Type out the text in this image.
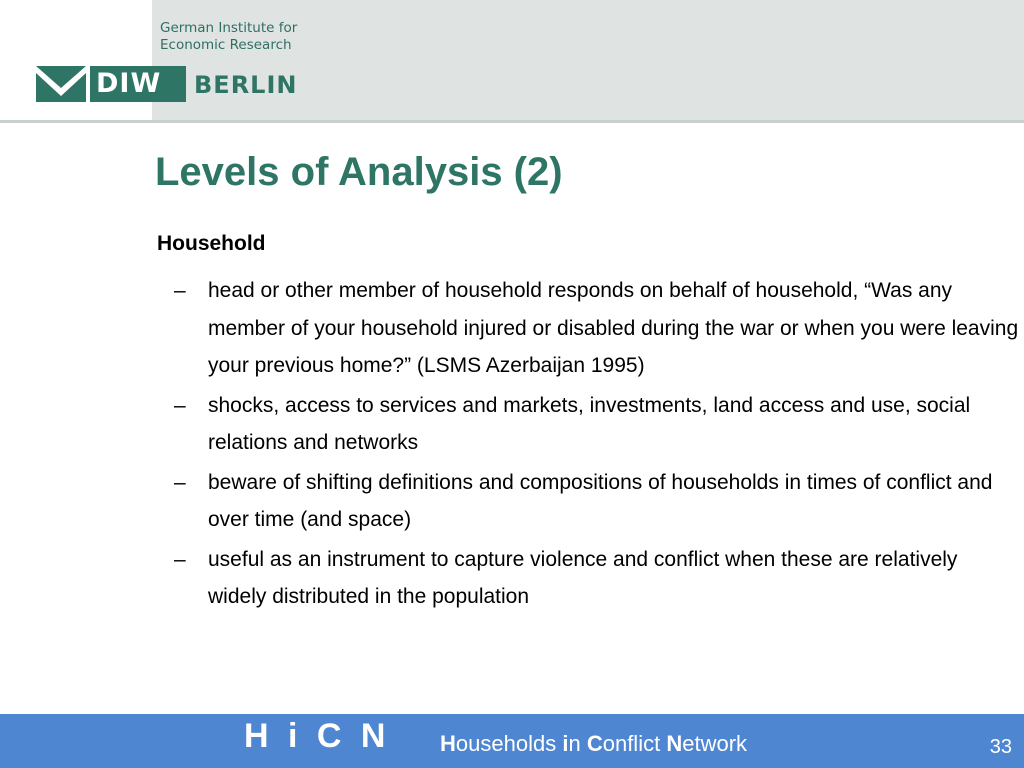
German Institute for
Economic Research
DIW	BERLIN
Levels of Analysis (2)
Household
– head or other member of household responds on behalf of household, “Was any member of your household injured or disabled during the war or when you were leaving your previous home?” (LSMS Azerbaijan 1995)
– shocks, access to services and markets, investments, land access and use, social relations and networks
– beware of shifting definitions and compositions of households in times of conflict and over time (and space)
– useful as an instrument to capture violence and conflict when these are relatively widely distributed in the population
H i C N Households in Conflict Network	33
